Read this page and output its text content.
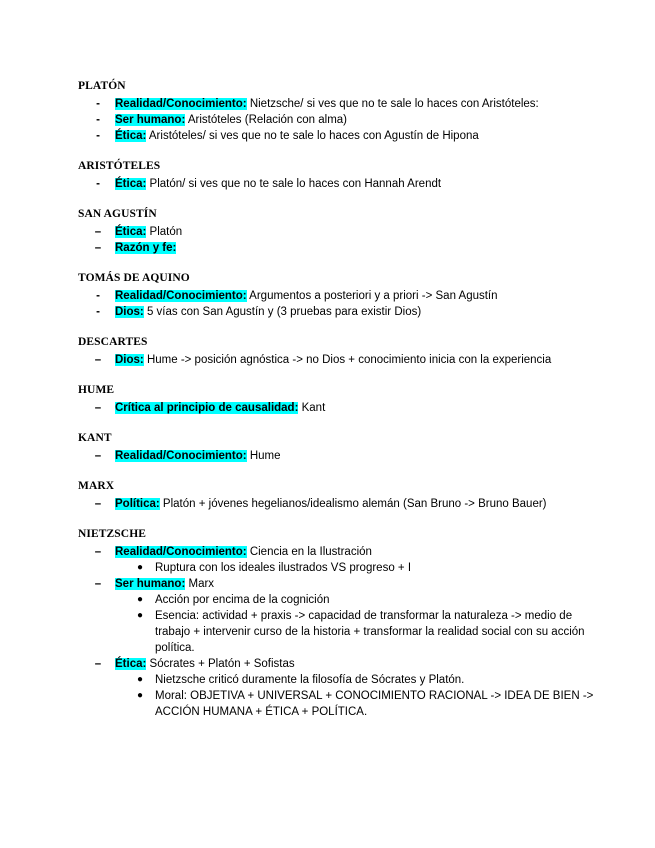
PLATÓN
-	Realidad/Conocimiento: Nietzsche/ si ves que no te sale lo haces con Aristóteles:
-	Ser humano: Aristóteles (Relación con alma)
-	Ética: Aristóteles/ si ves que no te sale lo haces con Agustín de Hipona
ARISTÓTELES
-	Ética: Platón/ si ves que no te sale lo haces con Hannah Arendt
SAN AGUSTÍN
– Ética: Platón
– Razón y fe:
TOMÁS DE AQUINO
-	Realidad/Conocimiento: Argumentos a posteriori y a priori -> San Agustín
-	Dios: 5 vías con San Agustín y (3 pruebas para existir Dios)
DESCARTES
– Dios: Hume -> posición agnóstica -> no Dios + conocimiento inicia con la experiencia
HUME
– Crítica al principio de causalidad: Kant
KANT
– Realidad/Conocimiento: Hume
MARX
– Política: Platón + jóvenes hegelianos/idealismo alemán (San Bruno -> Bruno Bauer)
NIETZSCHE
– Realidad/Conocimiento: Ciencia en la Ilustración
● Ruptura con los ideales ilustrados VS progreso + I
– Ser humano: Marx
● Acción por encima de la cognición
● Esencia: actividad + praxis -> capacidad de transformar la naturaleza -> medio de trabajo + intervenir curso de la historia + transformar la realidad social con su acción política.
– Ética: Sócrates + Platón + Sofistas
● Nietzsche criticó duramente la filosofía de Sócrates y Platón.
● Moral: OBJETIVA + UNIVERSAL + CONOCIMIENTO RACIONAL -> IDEA DE BIEN -> ACCIÓN HUMANA + ÉTICA + POLÍTICA.
